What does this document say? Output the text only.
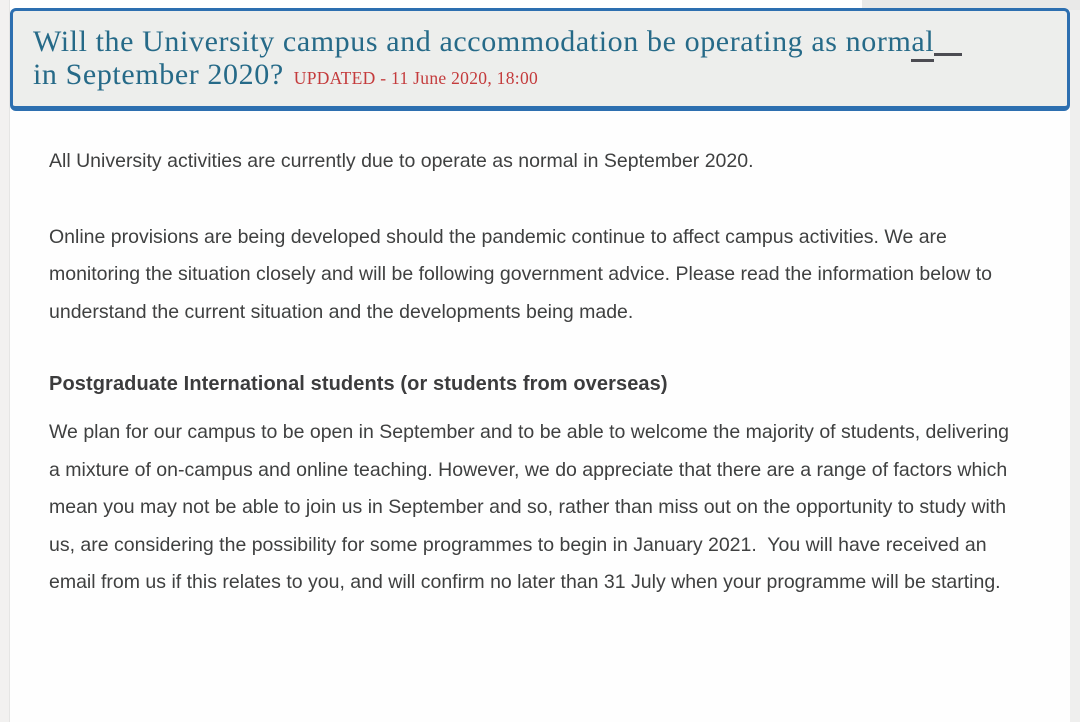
Will the University campus and accommodation be operating as normal
in September 2020? UPDATED - 11 June 2020, 18:00

All University activities are currently due to operate as normal in September 2020.

Online provisions are being developed should the pandemic continue to affect campus activities. We are monitoring the situation closely and will be following government advice. Please read the information below to understand the current situation and the developments being made.

Postgraduate International students (or students from overseas)

We plan for our campus to be open in September and to be able to welcome the majority of students, delivering a mixture of on-campus and online teaching. However, we do appreciate that there are a range of factors which mean you may not be able to join us in September and so, rather than miss out on the opportunity to study with us, are considering the possibility for some programmes to begin in January 2021.  You will have received an email from us if this relates to you, and will confirm no later than 31 July when your programme will be starting.
